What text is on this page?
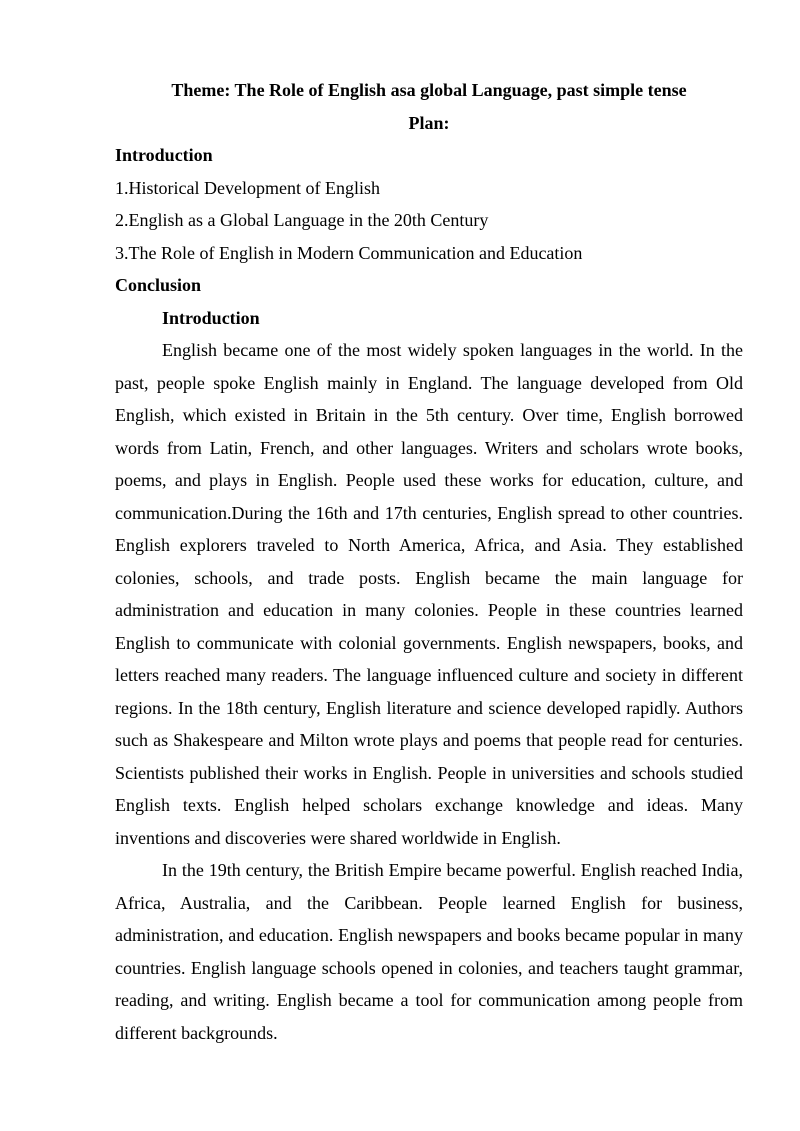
Theme: The Role of English asa global Language, past simple tense

Plan:

Introduction

1.Historical Development of English

2.English as a Global Language in the 20th Century

3.The Role of English in Modern Communication and Education

Conclusion

Introduction

English became one of the most widely spoken languages in the world. In the past, people spoke English mainly in England. The language developed from Old English, which existed in Britain in the 5th century. Over time, English borrowed words from Latin, French, and other languages. Writers and scholars wrote books, poems, and plays in English. People used these works for education, culture, and communication.During the 16th and 17th centuries, English spread to other countries. English explorers traveled to North America, Africa, and Asia. They established colonies, schools, and trade posts. English became the main language for administration and education in many colonies. People in these countries learned English to communicate with colonial governments. English newspapers, books, and letters reached many readers. The language influenced culture and society in different regions. In the 18th century, English literature and science developed rapidly. Authors such as Shakespeare and Milton wrote plays and poems that people read for centuries. Scientists published their works in English. People in universities and schools studied English texts. English helped scholars exchange knowledge and ideas. Many inventions and discoveries were shared worldwide in English.

In the 19th century, the British Empire became powerful. English reached India, Africa, Australia, and the Caribbean. People learned English for business, administration, and education. English newspapers and books became popular in many countries. English language schools opened in colonies, and teachers taught grammar, reading, and writing. English became a tool for communication among people from different backgrounds.
